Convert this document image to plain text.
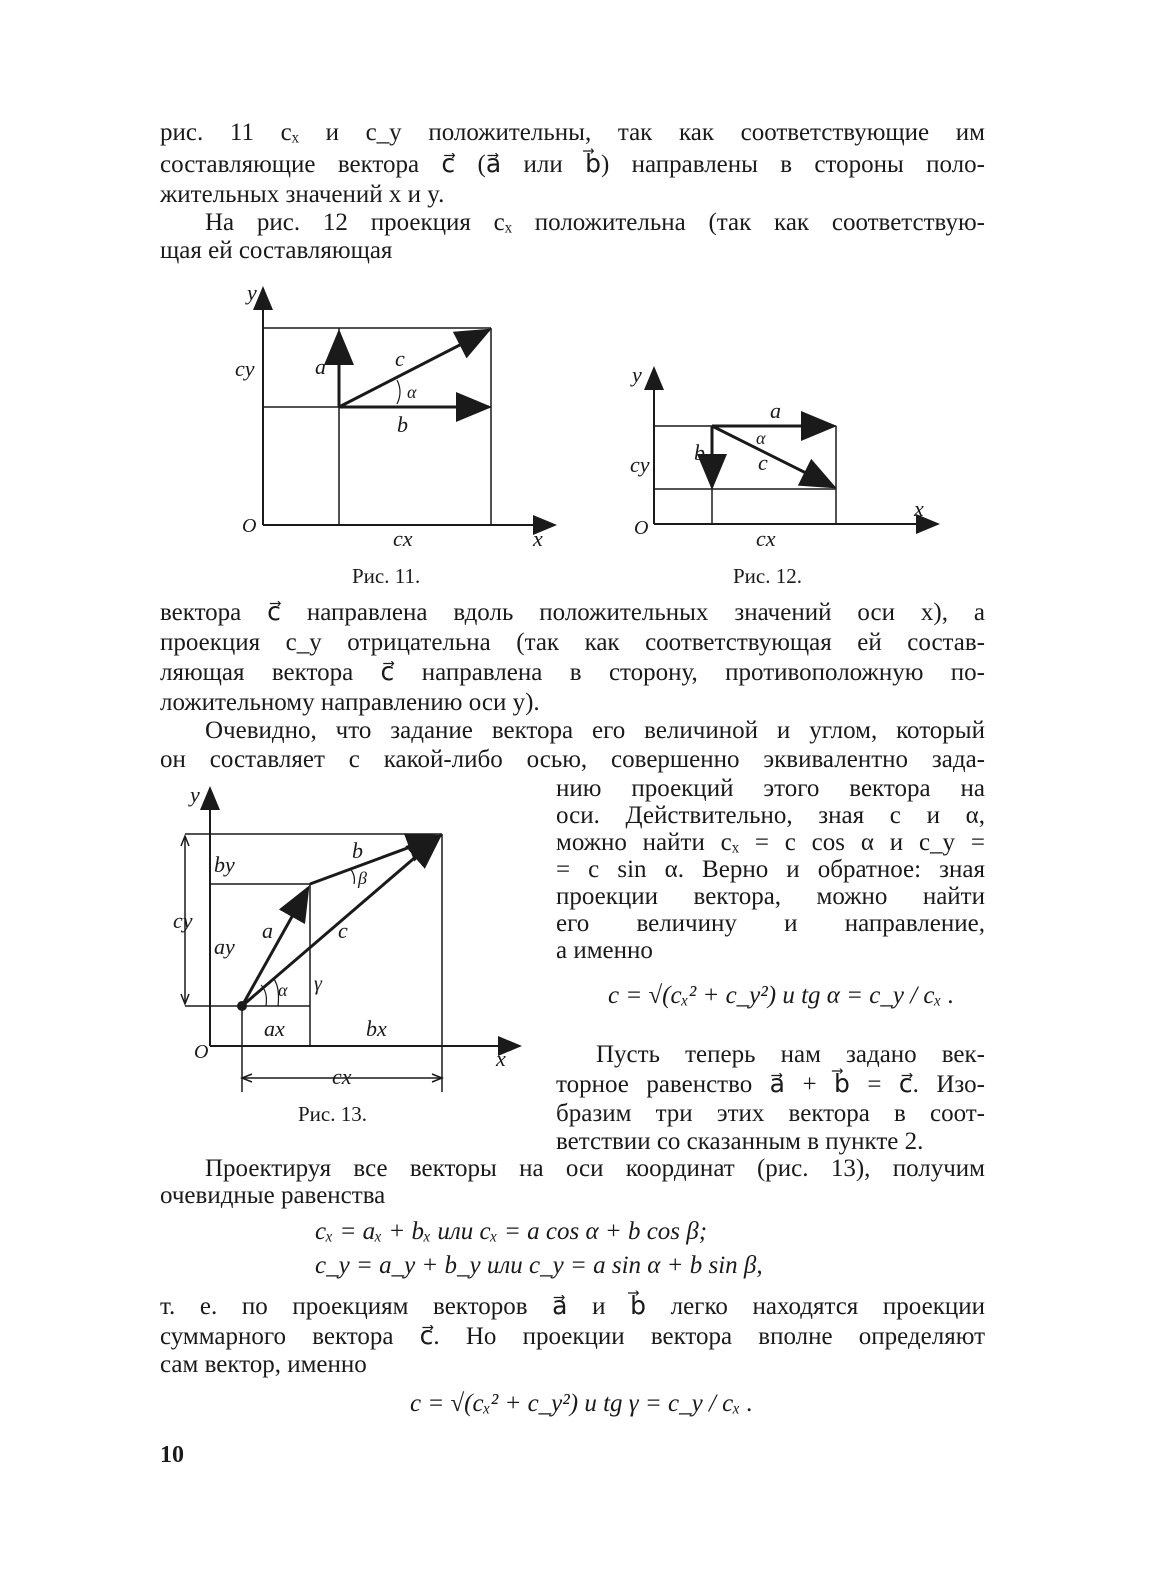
рис. 11 cₓ и c_y положительны, так как соответствующие им
составляющие вектора c⃗ (a⃗ или b⃗) направлены в стороны поло-
жительных значений x и y.
На рис. 12 проекция cₓ положительна (так как соответствую-
щая ей составляющая
y
cy
O	cx	x
a⃗
b⃗
c⃗
α
Рис. 11.
y
cy
O	cx
x
a⃗
b⃗ c⃗
α
Рис. 12.
вектора c⃗ направлена вдоль положительных значений оси x), а
проекция c_y отрицательна (так как соответствующая ей состав-
ляющая вектора c⃗ направлена в сторону, противоположную по-
ложительному направлению оси y).
Очевидно, что задание вектора его величиной и углом, который
он составляет с какой-либо осью, совершенно эквивалентно зада-
нию проекций этого вектора на
оси. Действительно, зная c и α,
можно найти cₓ = c cos α и c_y =
= c sin α. Верно и обратное: зная
проекции вектора, можно найти
его величину и направление,
а именно
c = √(cₓ² + c_y²) и tg α = c_y / cₓ .
y
cy
by
ay
O
ax	bx
cx
x
a⃗
b⃗
c⃗
α
β
γ
Рис. 13.
Пусть теперь нам задано век-
торное равенство a⃗ + b⃗ = c⃗. Изо-
бразим три этих вектора в соот-
ветствии со сказанным в пункте 2.
Проектируя все векторы на оси координат (рис. 13), получим
очевидные равенства
cₓ = aₓ + bₓ или cₓ = a cos α + b cos β;
c_y = a_y + b_y или c_y = a sin α + b sin β,
т. е. по проекциям векторов a⃗ и b⃗ легко находятся проекции
суммарного вектора c⃗. Но проекции вектора вполне определяют
сам вектор, именно
c = √(cₓ² + c_y²) и tg γ = c_y / cₓ .
10
